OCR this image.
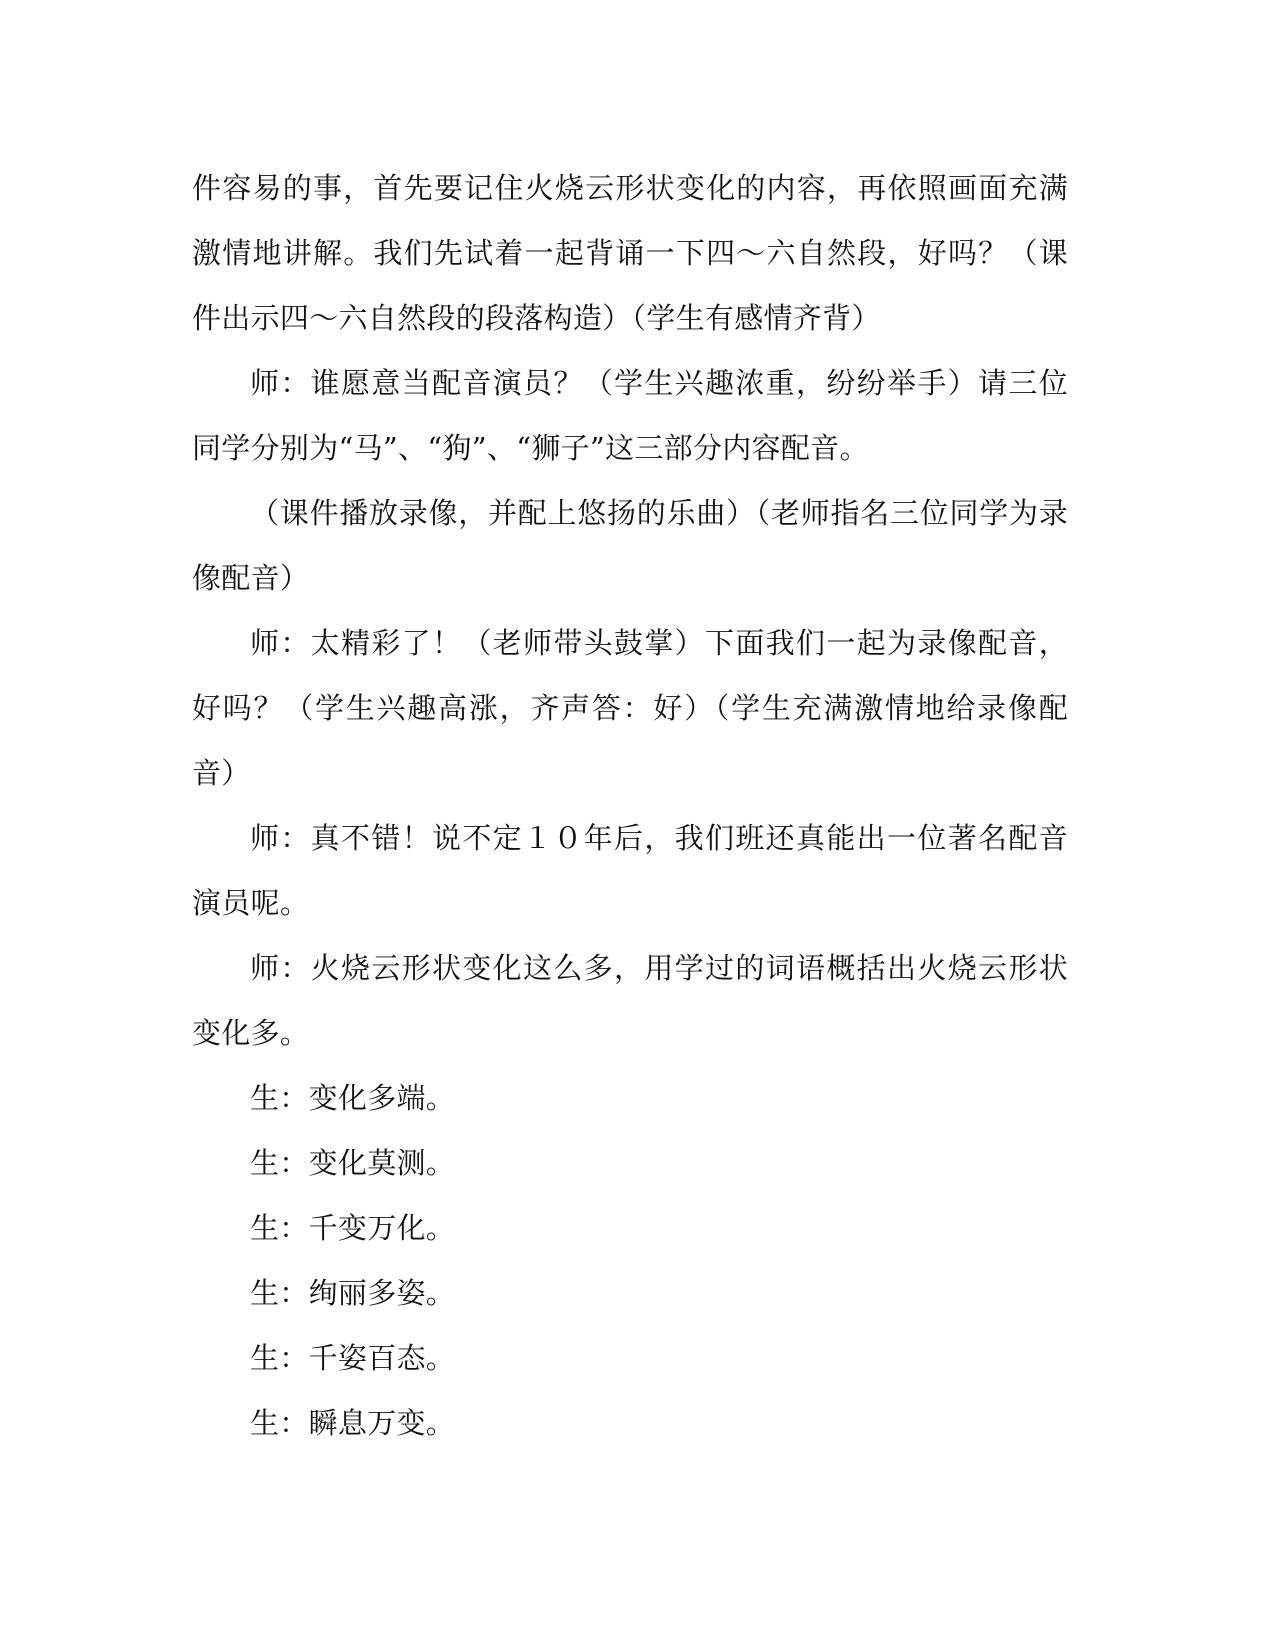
件容易的事，首先要记住火烧云形状变化的内容，再依照画面充满激情地讲解。我们先试着一起背诵一下四～六自然段，好吗？（课件出示四～六自然段的段落构造）（学生有感情齐背）

师：谁愿意当配音演员？（学生兴趣浓重，纷纷举手）请三位同学分别为“马”、“狗”、“狮子”这三部分内容配音。

（课件播放录像，并配上悠扬的乐曲）（老师指名三位同学为录像配音）

师：太精彩了！（老师带头鼓掌）下面我们一起为录像配音，好吗？（学生兴趣高涨，齐声答：好）（学生充满激情地给录像配音）

师：真不错！说不定１０年后，我们班还真能出一位著名配音演员呢。

师：火烧云形状变化这么多，用学过的词语概括出火烧云形状变化多。

生：变化多端。

生：变化莫测。

生：千变万化。

生：绚丽多姿。

生：千姿百态。

生：瞬息万变。
